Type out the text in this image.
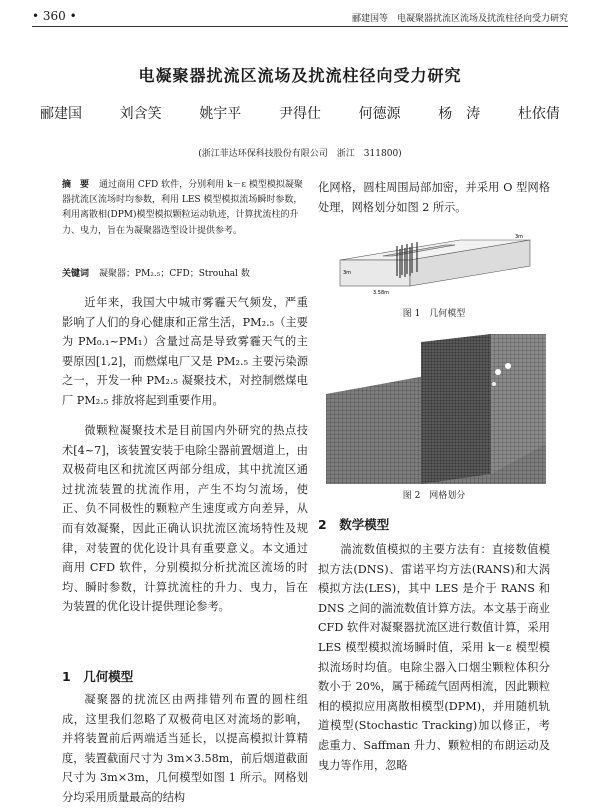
• 360 •	郦建国等　电凝聚器扰流区流场及扰流柱径向受力研究
电凝聚器扰流区流场及扰流柱径向受力研究
郦建国	刘含笑	姚宇平	尹得仕	何德源	杨　涛	杜依倩
(浙江菲达环保科技股份有限公司　浙江　311800)
摘　要 通过商用 CFD 软件，分别利用 k－ε 模型模拟凝聚器扰流区流场时均参数，利用 LES 模型模拟流场瞬时参数，利用离散相(DPM)模型模拟颗粒运动轨迹，计算扰流柱的升力、曳力，旨在为凝聚器选型设计提供参考。
关键词 凝聚器；PM₂.₅；CFD；Strouhal 数

近年来，我国大中城市雾霾天气频发，严重影响了人们的身心健康和正常生活，PM₂.₅（主要为 PM₀.₁~PM₁）含量过高是导致雾霾天气的主要原因[1,2]，而燃煤电厂又是 PM₂.₅ 主要污染源之一，开发一种 PM₂.₅ 凝聚技术，对控制燃煤电厂 PM₂.₅ 排放将起到重要作用。

微颗粒凝聚技术是目前国内外研究的热点技术[4~7]，该装置安装于电除尘器前置烟道上，由双极荷电区和扰流区两部分组成，其中扰流区通过扰流装置的扰流作用，产生不均匀流场，使正、负不同极性的颗粒产生速度或方向差异，从而有效凝聚，因此正确认识扰流区流场特性及规律，对装置的优化设计具有重要意义。本文通过商用 CFD 软件，分别模拟分析扰流区流场的时均、瞬时参数，计算扰流柱的升力、曳力，旨在为装置的优化设计提供理论参考。

1　几何模型

凝聚器的扰流区由两排错列布置的圆柱组成，这里我们忽略了双极荷电区对流场的影响，并将装置前后两端适当延长，以提高模拟计算精度，装置截面尺寸为 3m×3.58m，前后烟道截面尺寸为 3m×3m，几何模型如图 1 所示。网格划分均采用质量最高的结构

化网格，圆柱周围局部加密，并采用 O 型网格处理，网格划分如图 2 所示。

3m
3.58m
3m
图 1　几何模型
图 2　网格划分
2　数学模型

湍流数值模拟的主要方法有：直接数值模拟方法(DNS)、雷诺平均方法(RANS)和大涡模拟方法(LES)，其中 LES 是介于 RANS 和 DNS 之间的湍流数值计算方法。本文基于商业 CFD 软件对凝聚器扰流区进行数值计算，采用 LES 模型模拟流场瞬时值，采用 k－ε 模型模拟流场时均值。电除尘器入口烟尘颗粒体积分数小于 20%，属于稀疏气固两相流，因此颗粒相的模拟应用离散相模型(DPM)，并用随机轨道模型(Stochastic Tracking)加以修正，考虑重力、Saffman 升力、颗粒相的布朗运动及曳力等作用，忽略
